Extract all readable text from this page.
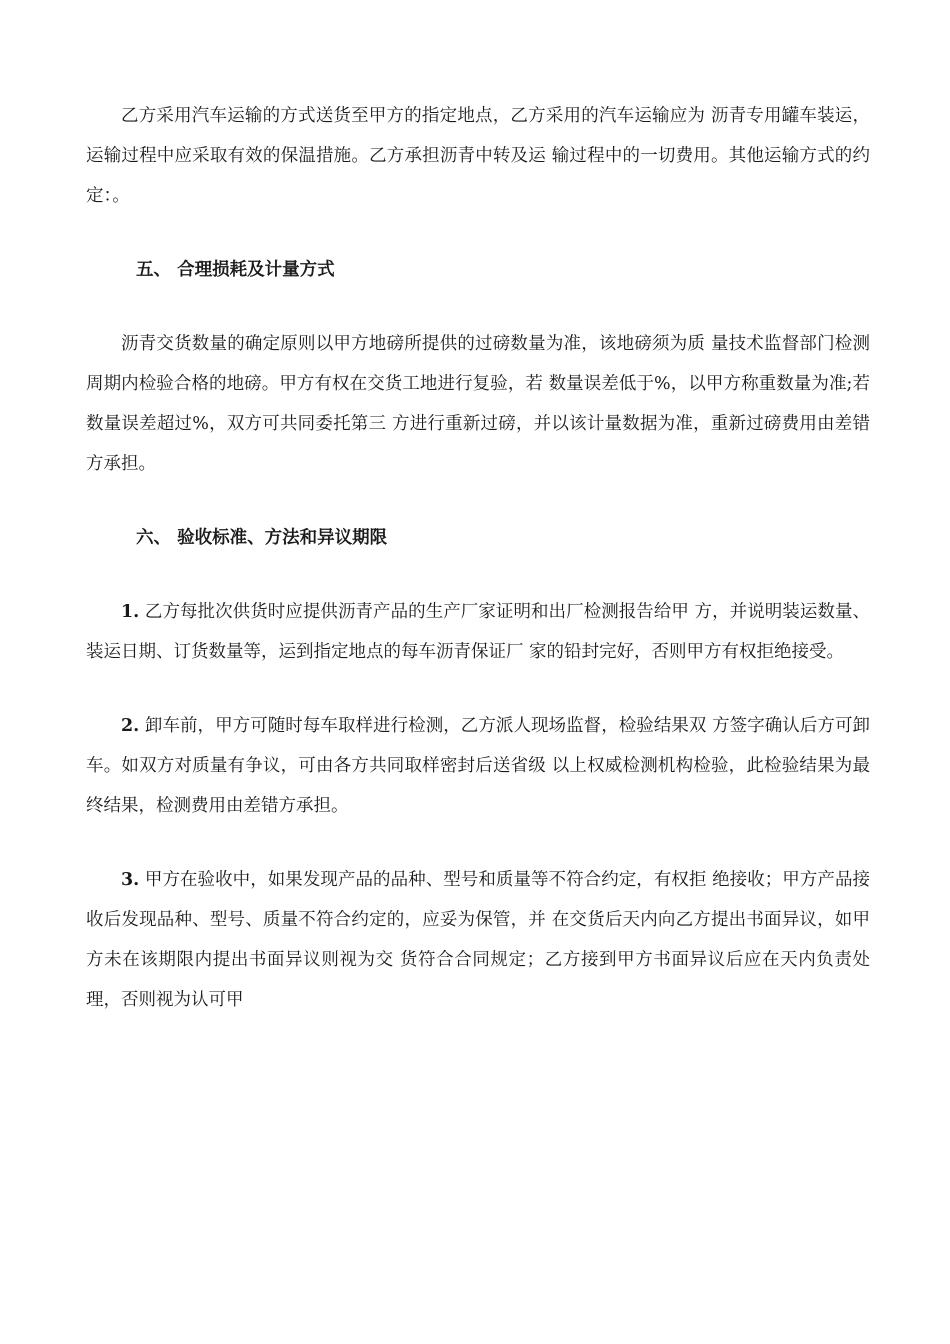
乙方采用汽车运输的方式送货至甲方的指定地点，乙方采用的汽车运输应为 沥青专用罐车装运，运输过程中应采取有效的保温措施。乙方承担沥青中转及运 输过程中的一切费用。其他运输方式的约定：。

五、 合理损耗及计量方式

沥青交货数量的确定原则以甲方地磅所提供的过磅数量为准，该地磅须为质 量技术监督部门检测周期内检验合格的地磅。甲方有权在交货工地进行复验，若 数量误差低于%，以甲方称重数量为准;若数量误差超过%，双方可共同委托第三 方进行重新过磅，并以该计量数据为准，重新过磅费用由差错方承担。

六、 验收标准、方法和异议期限

1. 乙方每批次供货时应提供沥青产品的生产厂家证明和出厂检测报告给甲 方，并说明装运数量、装运日期、订货数量等，运到指定地点的每车沥青保证厂 家的铅封完好，否则甲方有权拒绝接受。

2. 卸车前，甲方可随时每车取样进行检测，乙方派人现场监督，检验结果双 方签字确认后方可卸车。如双方对质量有争议，可由各方共同取样密封后送省级 以上权威检测机构检验，此检验结果为最终结果，检测费用由差错方承担。

3. 甲方在验收中，如果发现产品的品种、型号和质量等不符合约定，有权拒 绝接收；甲方产品接收后发现品种、型号、质量不符合约定的，应妥为保管，并 在交货后天内向乙方提出书面异议，如甲方未在该期限内提出书面异议则视为交 货符合合同规定；乙方接到甲方书面异议后应在天内负责处理，否则视为认可甲
